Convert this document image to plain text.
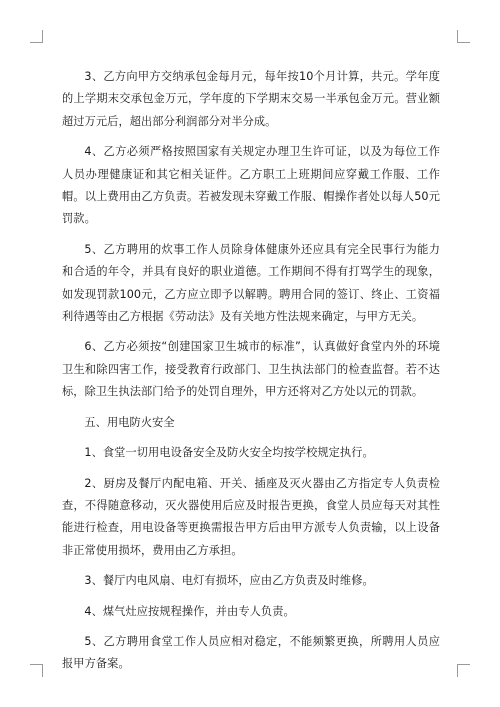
3、乙方向甲方交纳承包金每月元，每年按10个月计算，共元。学年度的上学期末交承包金万元，学年度的下学期末交易一半承包金万元。营业额超过万元后，超出部分利润部分对半分成。

4、乙方必须严格按照国家有关规定办理卫生许可证，以及为每位工作人员办理健康证和其它相关证件。乙方职工上班期间应穿戴工作服、工作帽。以上费用由乙方负责。若被发现未穿戴工作服、帽操作者处以每人50元罚款。

5、乙方聘用的炊事工作人员除身体健康外还应具有完全民事行为能力和合适的年令，并具有良好的职业道德。工作期间不得有打骂学生的现象，如发现罚款100元，乙方应立即予以解聘。聘用合同的签订、终止、工资福利待遇等由乙方根据《劳动法》及有关地方性法规来确定，与甲方无关。

6、乙方必须按“创建国家卫生城市的标准”，认真做好食堂内外的环境卫生和除四害工作，接受教育行政部门、卫生执法部门的检查监督。若不达标，除卫生执法部门给予的处罚自理外，甲方还将对乙方处以元的罚款。

五、用电防火安全

1、食堂一切用电设备安全及防火安全均按学校规定执行。

2、厨房及餐厅内配电箱、开关、插座及灭火器由乙方指定专人负责检查，不得随意移动，灭火器使用后应及时报告更换，食堂人员应每天对其性能进行检查，用电设备等更换需报告甲方后由甲方派专人负责输，以上设备非正常使用损坏，费用由乙方承担。

3、餐厅内电风扇、电灯有损坏，应由乙方负责及时维修。

4、煤气灶应按规程操作，并由专人负责。

5、乙方聘用食堂工作人员应相对稳定，不能频繁更换，所聘用人员应报甲方备案。
